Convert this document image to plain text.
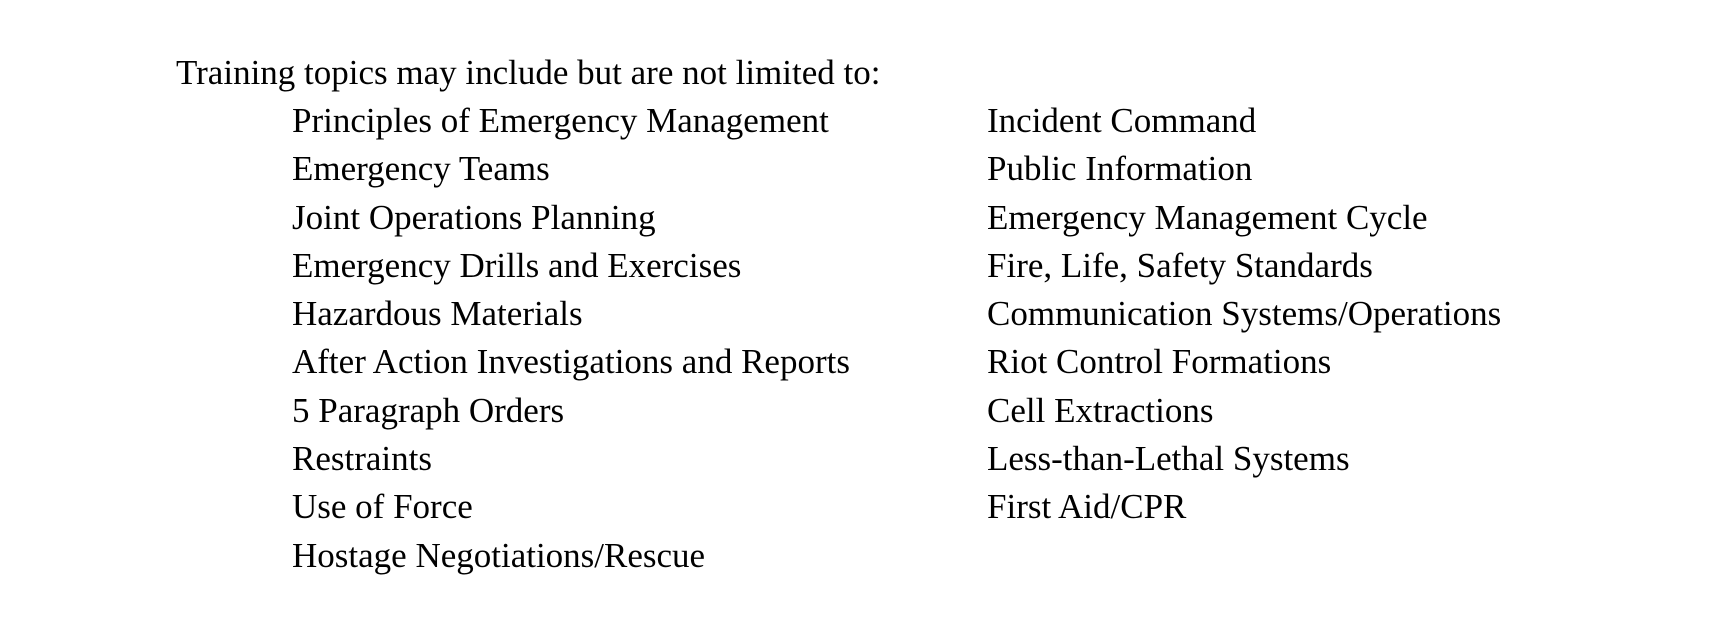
Training topics may include but are not limited to:
Principles of Emergency Management
Emergency Teams
Joint Operations Planning
Emergency Drills and Exercises
Hazardous Materials
After Action Investigations and Reports
5 Paragraph Orders
Restraints
Use of Force
Hostage Negotiations/Rescue
Incident Command
Public Information
Emergency Management Cycle
Fire, Life, Safety Standards
Communication Systems/Operations
Riot Control Formations
Cell Extractions
Less-than-Lethal Systems
First Aid/CPR
